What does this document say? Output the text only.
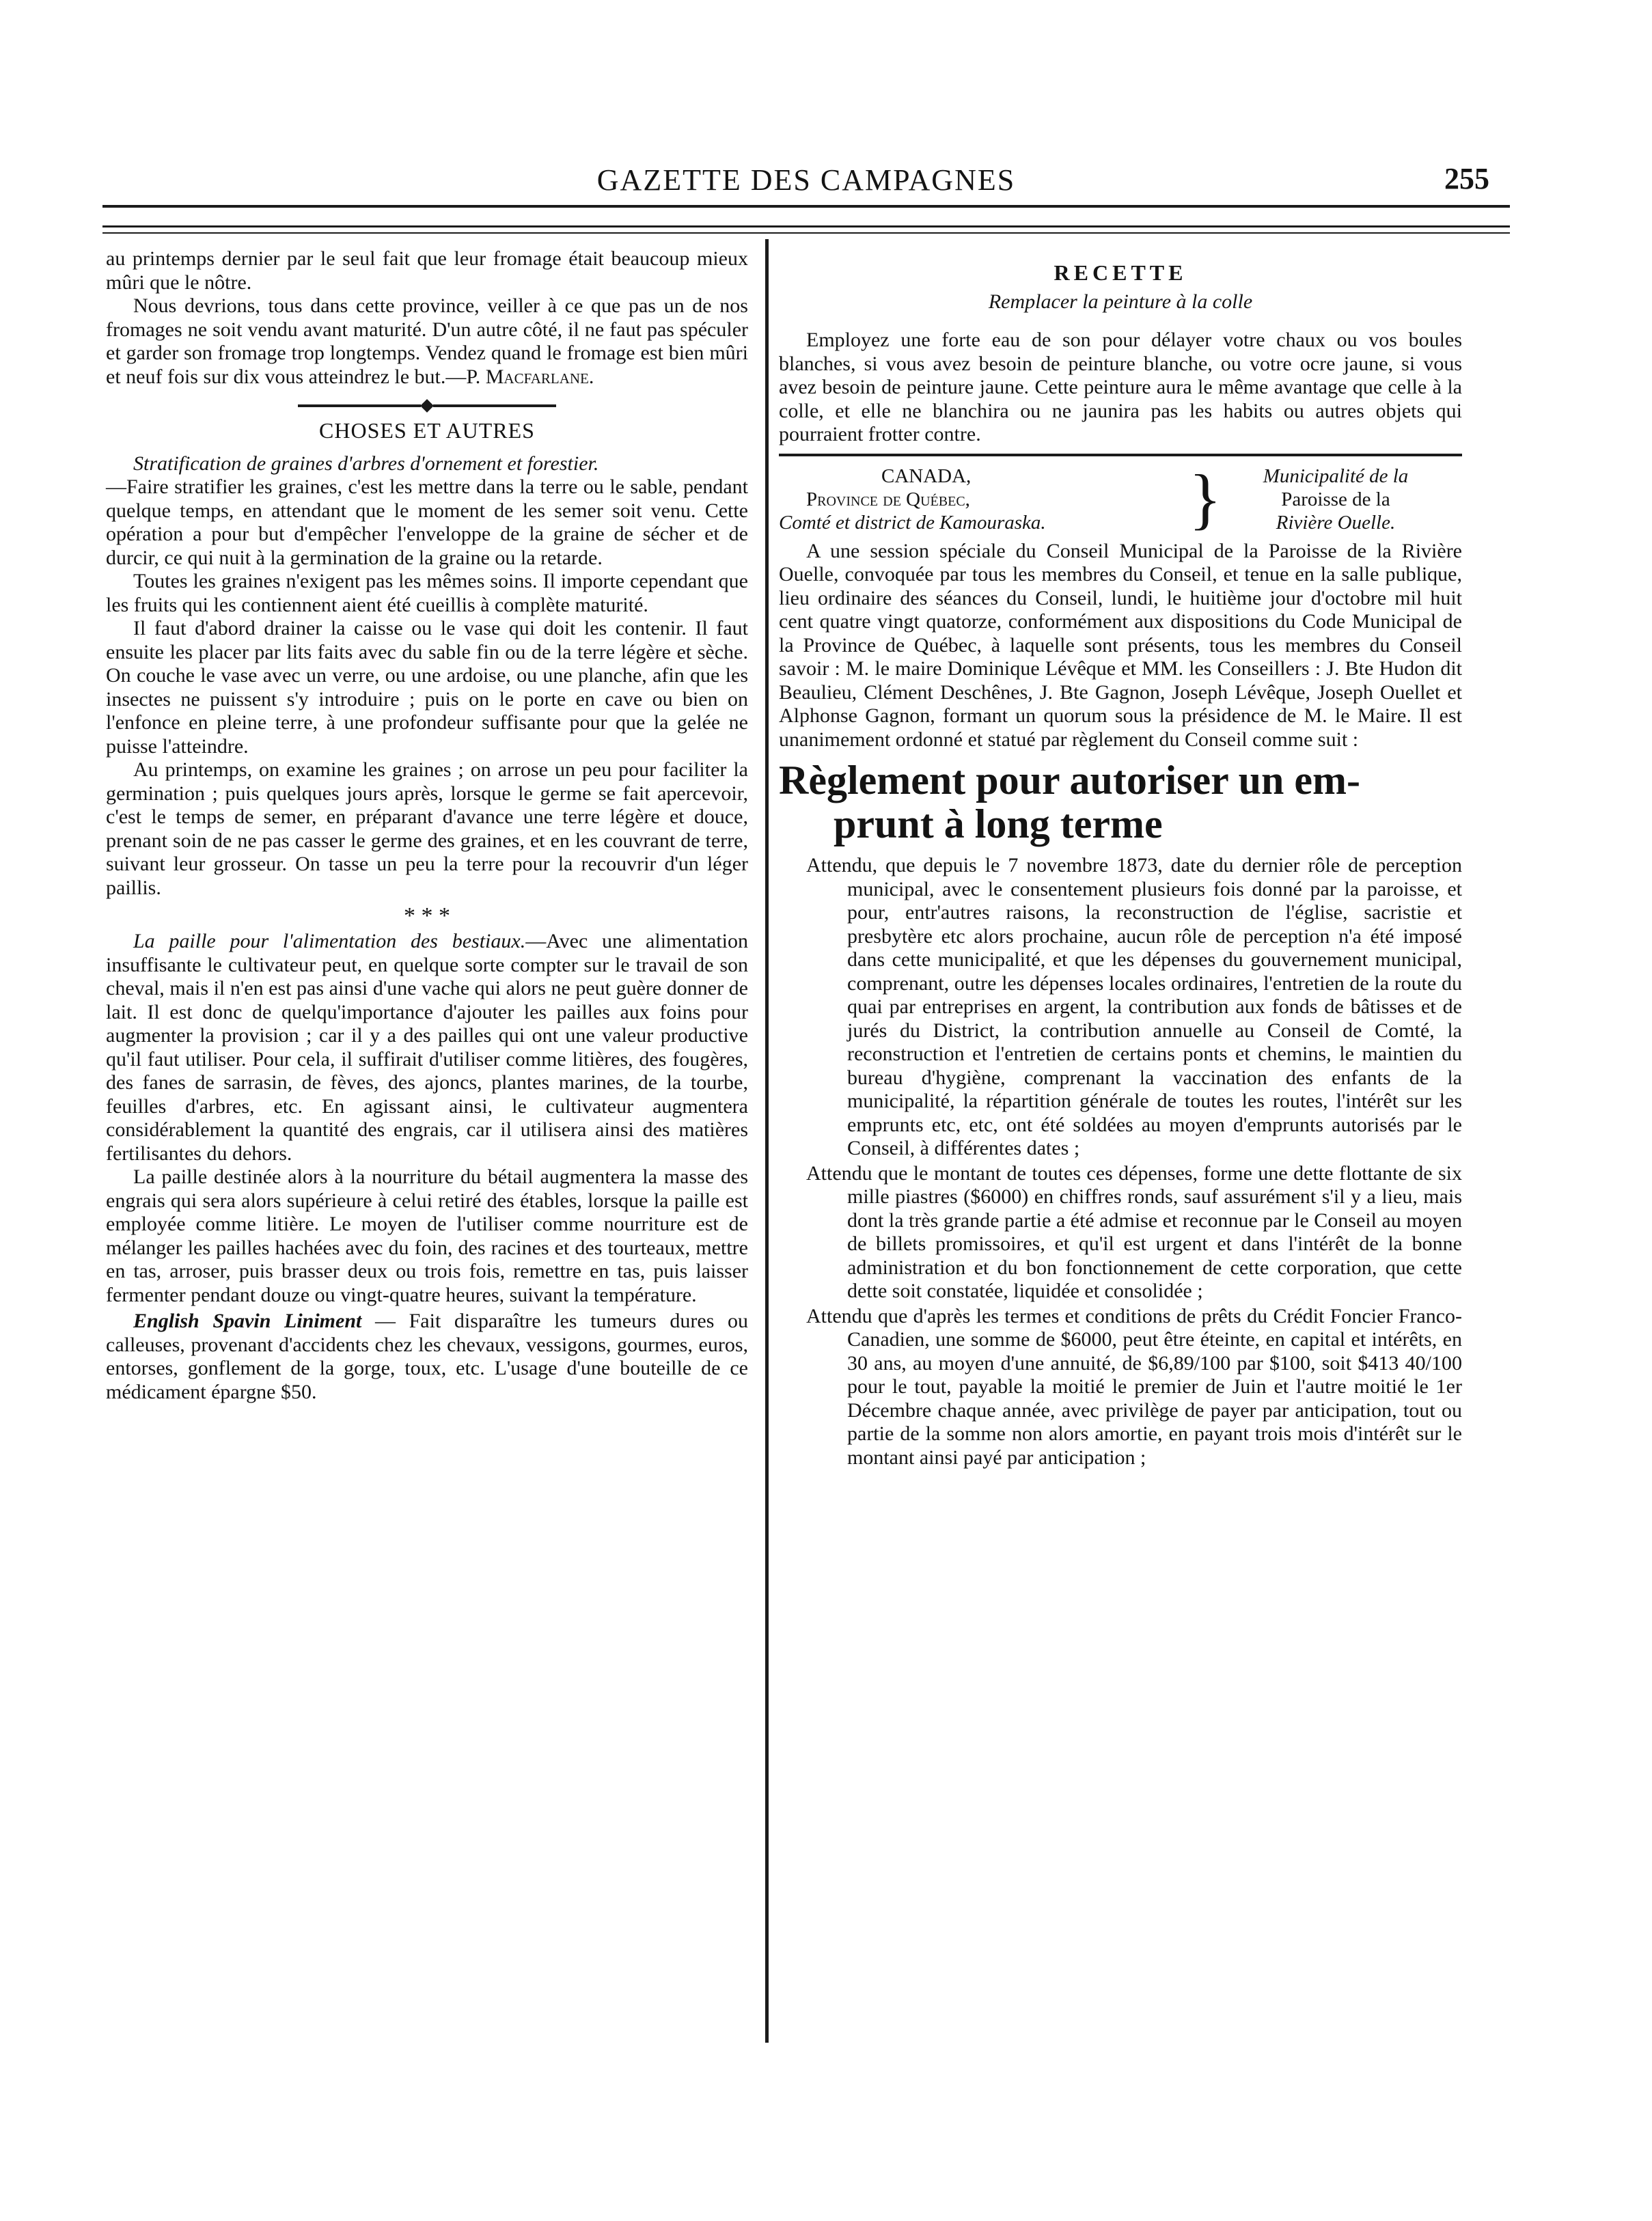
GAZETTE DES CAMPAGNES	255

au printemps dernier par le seul fait que leur fromage était beaucoup mieux mûri que le nôtre.

Nous devrions, tous dans cette province, veiller à ce que pas un de nos fromages ne soit vendu avant maturité. D'un autre côté, il ne faut pas spéculer et garder son fromage trop longtemps. Vendez quand le fromage est bien mûri et neuf fois sur dix vous atteindrez le but.—P. Macfarlane.

CHOSES ET AUTRES

Stratification de graines d'arbres d'ornement et forestier.

—Faire stratifier les graines, c'est les mettre dans la terre ou le sable, pendant quelque temps, en attendant que le moment de les semer soit venu. Cette opération a pour but d'empêcher l'enveloppe de la graine de sécher et de durcir, ce qui nuit à la germination de la graine ou la retarde.

Toutes les graines n'exigent pas les mêmes soins. Il importe cependant que les fruits qui les contiennent aient été cueillis à complète maturité.

Il faut d'abord drainer la caisse ou le vase qui doit les contenir. Il faut ensuite les placer par lits faits avec du sable fin ou de la terre légère et sèche. On couche le vase avec un verre, ou une ardoise, ou une planche, afin que les insectes ne puissent s'y introduire ; puis on le porte en cave ou bien on l'enfonce en pleine terre, à une profondeur suffisante pour que la gelée ne puisse l'atteindre.

Au printemps, on examine les graines ; on arrose un peu pour faciliter la germination ; puis quelques jours après, lorsque le germe se fait apercevoir, c'est le temps de semer, en préparant d'avance une terre légère et douce, prenant soin de ne pas casser le germe des graines, et en les couvrant de terre, suivant leur grosseur. On tasse un peu la terre pour la recouvrir d'un léger paillis.

* * *

La paille pour l'alimentation des bestiaux.—Avec une alimentation insuffisante le cultivateur peut, en quelque sorte compter sur le travail de son cheval, mais il n'en est pas ainsi d'une vache qui alors ne peut guère donner de lait. Il est donc de quelqu'importance d'ajouter les pailles aux foins pour augmenter la provision ; car il y a des pailles qui ont une valeur productive qu'il faut utiliser. Pour cela, il suffirait d'utiliser comme litières, des fougères, des fanes de sarrasin, de fèves, des ajoncs, plantes marines, de la tourbe, feuilles d'arbres, etc. En agissant ainsi, le cultivateur augmentera considérablement la quantité des engrais, car il utilisera ainsi des matières fertilisantes du dehors.

La paille destinée alors à la nourriture du bétail augmentera la masse des engrais qui sera alors supérieure à celui retiré des étables, lorsque la paille est employée comme litière. Le moyen de l'utiliser comme nourriture est de mélanger les pailles hachées avec du foin, des racines et des tourteaux, mettre en tas, arroser, puis brasser deux ou trois fois, remettre en tas, puis laisser fermenter pendant douze ou vingt-quatre heures, suivant la température.

English Spavin Liniment — Fait disparaître les tumeurs dures ou calleuses, provenant d'accidents chez les chevaux, vessigons, gourmes, euros, entorses, gonflement de la gorge, toux, etc. L'usage d'une bouteille de ce médicament épargne $50.

RECETTE

Remplacer la peinture à la colle

Employez une forte eau de son pour délayer votre chaux ou vos boules blanches, si vous avez besoin de peinture blanche, ou votre ocre jaune, si vous avez besoin de peinture jaune. Cette peinture aura le même avantage que celle à la colle, et elle ne blanchira ou ne jaunira pas les habits ou autres objets qui pourraient frotter contre.

CANADA,
Province de Québec,
Comté et district de Kamouraska.	}	Municipalité de la
Paroisse de la
Rivière Ouelle.

A une session spéciale du Conseil Municipal de la Paroisse de la Rivière Ouelle, convoquée par tous les membres du Conseil, et tenue en la salle publique, lieu ordinaire des séances du Conseil, lundi, le huitième jour d'octobre mil huit cent quatre vingt quatorze, conformément aux dispositions du Code Municipal de la Province de Québec, à laquelle sont présents, tous les membres du Conseil savoir : M. le maire Dominique Lévêque et MM. les Conseillers : J. Bte Hudon dit Beaulieu, Clément Deschênes, J. Bte Gagnon, Joseph Lévêque, Joseph Ouellet et Alphonse Gagnon, formant un quorum sous la présidence de M. le Maire. Il est unanimement ordonné et statué par règlement du Conseil comme suit :

Règlement pour autoriser un em-
prunt à long terme

Attendu, que depuis le 7 novembre 1873, date du dernier rôle de perception municipal, avec le consentement plusieurs fois donné par la paroisse, et pour, entr'autres raisons, la reconstruction de l'église, sacristie et presbytère etc alors prochaine, aucun rôle de perception n'a été imposé dans cette municipalité, et que les dépenses du gouvernement municipal, comprenant, outre les dépenses locales ordinaires, l'entretien de la route du quai par entreprises en argent, la contribution aux fonds de bâtisses et de jurés du District, la contribution annuelle au Conseil de Comté, la reconstruction et l'entretien de certains ponts et chemins, le maintien du bureau d'hygiène, comprenant la vaccination des enfants de la municipalité, la répartition générale de toutes les routes, l'intérêt sur les emprunts etc, etc, ont été soldées au moyen d'emprunts autorisés par le Conseil, à différentes dates ;

Attendu que le montant de toutes ces dépenses, forme une dette flottante de six mille piastres ($6000) en chiffres ronds, sauf assurément s'il y a lieu, mais dont la très grande partie a été admise et reconnue par le Conseil au moyen de billets promissoires, et qu'il est urgent et dans l'intérêt de la bonne administration et du bon fonctionnement de cette corporation, que cette dette soit constatée, liquidée et consolidée ;

Attendu que d'après les termes et conditions de prêts du Crédit Foncier Franco-Canadien, une somme de $6000, peut être éteinte, en capital et intérêts, en 30 ans, au moyen d'une annuité, de $6,89/100 par $100, soit $413 40/100 pour le tout, payable la moitié le premier de Juin et l'autre moitié le 1er Décembre chaque année, avec privilège de payer par anticipation, tout ou partie de la somme non alors amortie, en payant trois mois d'intérêt sur le montant ainsi payé par anticipation ;
